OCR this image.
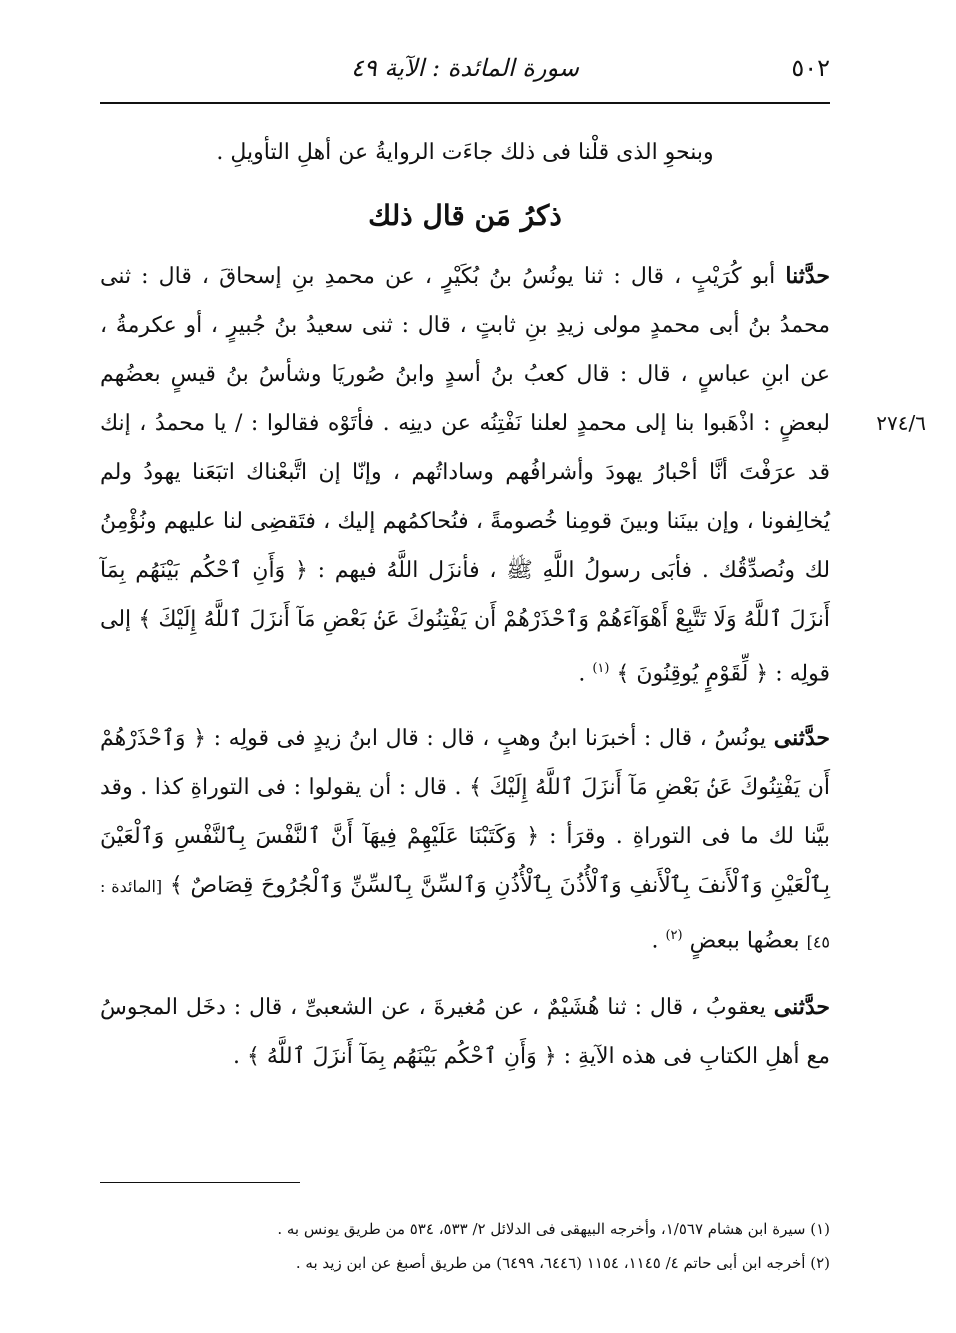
٥٠٢
سورة المائدة : الآية ٤٩

وبنحوِ الذى قلْنا فى ذلك جاءَت الروايةُ عن أهلِ التأويلِ .

ذكرُ مَن قال ذلك

حدَّثنا أبو كُرَيْبٍ ، قال : ثنا يونُسُ بنُ بُكَيْرٍ ، عن محمدِ بنِ إسحاقَ ، قال : ثنى محمدُ بنُ أبى محمدٍ مولى زيدِ بنِ ثابتٍ ، قال : ثنى سعيدُ بنُ جُبيرٍ ، أو عكرمةُ ، عن ابنِ عباسٍ ، قال : قال كعبُ بنُ أسدٍ وابنُ صُوريَا وشأسُ بنُ قيسٍ بعضُهم لبعضٍ : ٢٧٤/٦
اذْهَبوا بنا إلى محمدٍ لعلنا نَفْتِنُه عن دينِه . فأتَوْه فقالوا : / يا محمدُ ، إنك قد عرَفْتَ أنَّا أحْبارُ يهودَ وأشرافُهم وساداتُهم ، وإنّا إن اتَّبعْناك اتبَعَنا يهودُ ولم يُخالِفونا ، وإن بينَنا وبينَ قومِنا خُصومةً ، فنُحاكمُهم إليك ، فتَقضِى لنا عليهم ونُؤْمِنُ لك ونُصدِّقُك . فأبَى رسولُ اللَّهِ ﷺ ، فأنزَل اللَّهُ فيهم : ﴿ وَأَنِ ٱحْكُم بَيْنَهُم بِمَآ أَنزَلَ ٱللَّهُ وَلَا تَتَّبِعْ أَهْوَآءَهُمْ وَٱحْذَرْهُمْ أَن يَفْتِنُوكَ عَنۢ بَعْضِ مَآ أَنزَلَ ٱللَّهُ إِلَيْكَ ﴾ إلى قولِه : ﴿ لِّقَوْمٍ يُوقِنُونَ ﴾ $^{(١)}$ .

حدَّثنى يونُسُ ، قال : أخبرَنا ابنُ وهبٍ ، قال : قال ابنُ زيدٍ فى قولِه : ﴿ وَٱحْذَرْهُمْ أَن يَفْتِنُوكَ عَنۢ بَعْضِ مَآ أَنزَلَ ٱللَّهُ إِلَيْكَ ﴾ . قال : أن يقولوا : فى التوراةِ كذا . وقد بيَّنا لك ما فى التوراةِ . وقرَأ : ﴿ وَكَتَبْنَا عَلَيْهِمْ فِيهَآ أَنَّ ٱلنَّفْسَ بِٱلنَّفْسِ وَٱلْعَيْنَ بِٱلْعَيْنِ وَٱلْأَنفَ بِٱلْأَنفِ وَٱلْأُذُنَ بِٱلْأُذُنِ وَٱلسِّنَّ بِٱلسِّنِّ وَٱلْجُرُوحَ قِصَاصٌ ﴾ [المائدة : ٤٥] بعضُها ببعضٍ $^{(٢)}$ .

حدَّثنى يعقوبُ ، قال : ثنا هُشَيْمٌ ، عن مُغيرةَ ، عن الشعبىِّ ، قال : دخَل المجوسُ مع أهلِ الكتابِ فى هذه الآيةِ : ﴿ وَأَنِ ٱحْكُم بَيْنَهُم بِمَآ أَنزَلَ ٱللَّهُ ﴾ .

(١) سيرة ابن هشام ١/٥٦٧، وأخرجه البيهقى فى الدلائل ٢/ ٥٣٣، ٥٣٤ من طريق يونس به .

(٢) أخرجه ابن أبى حاتم ٤/ ١١٤٥، ١١٥٤ (٦٤٤٦، ٦٤٩٩) من طريق أصبغ عن ابن زيد به .
